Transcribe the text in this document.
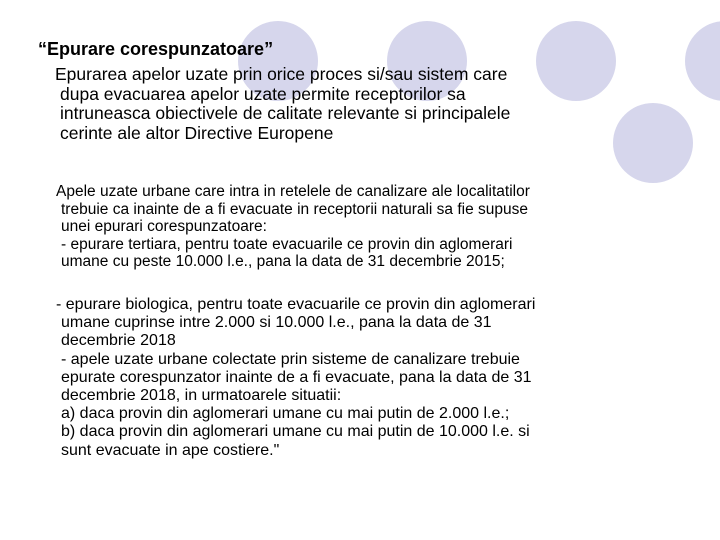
“Epurare corespunzatoare”

Epurarea apelor uzate prin orice proces si/sau sistem care
dupa evacuarea apelor uzate permite receptorilor sa
intruneasca obiectivele de calitate relevante si principalele
cerinte ale altor Directive Europene
Apele uzate urbane care intra in retelele de canalizare ale localitatilor
trebuie ca inainte de a fi evacuate in receptorii naturali sa fie supuse
unei epurari corespunzatoare:
- epurare tertiara, pentru toate evacuarile ce provin din aglomerari
umane cu peste 10.000 l.e., pana la data de 31 decembrie 2015;
- epurare biologica, pentru toate evacuarile ce provin din aglomerari
umane cuprinse intre 2.000 si 10.000 l.e., pana la data de 31
decembrie 2018
- apele uzate urbane colectate prin sisteme de canalizare trebuie
epurate corespunzator inainte de a fi evacuate, pana la data de 31
decembrie 2018, in urmatoarele situatii:
a) daca provin din aglomerari umane cu mai putin de 2.000 l.e.;
b) daca provin din aglomerari umane cu mai putin de 10.000 l.e. si
sunt evacuate in ape costiere."
